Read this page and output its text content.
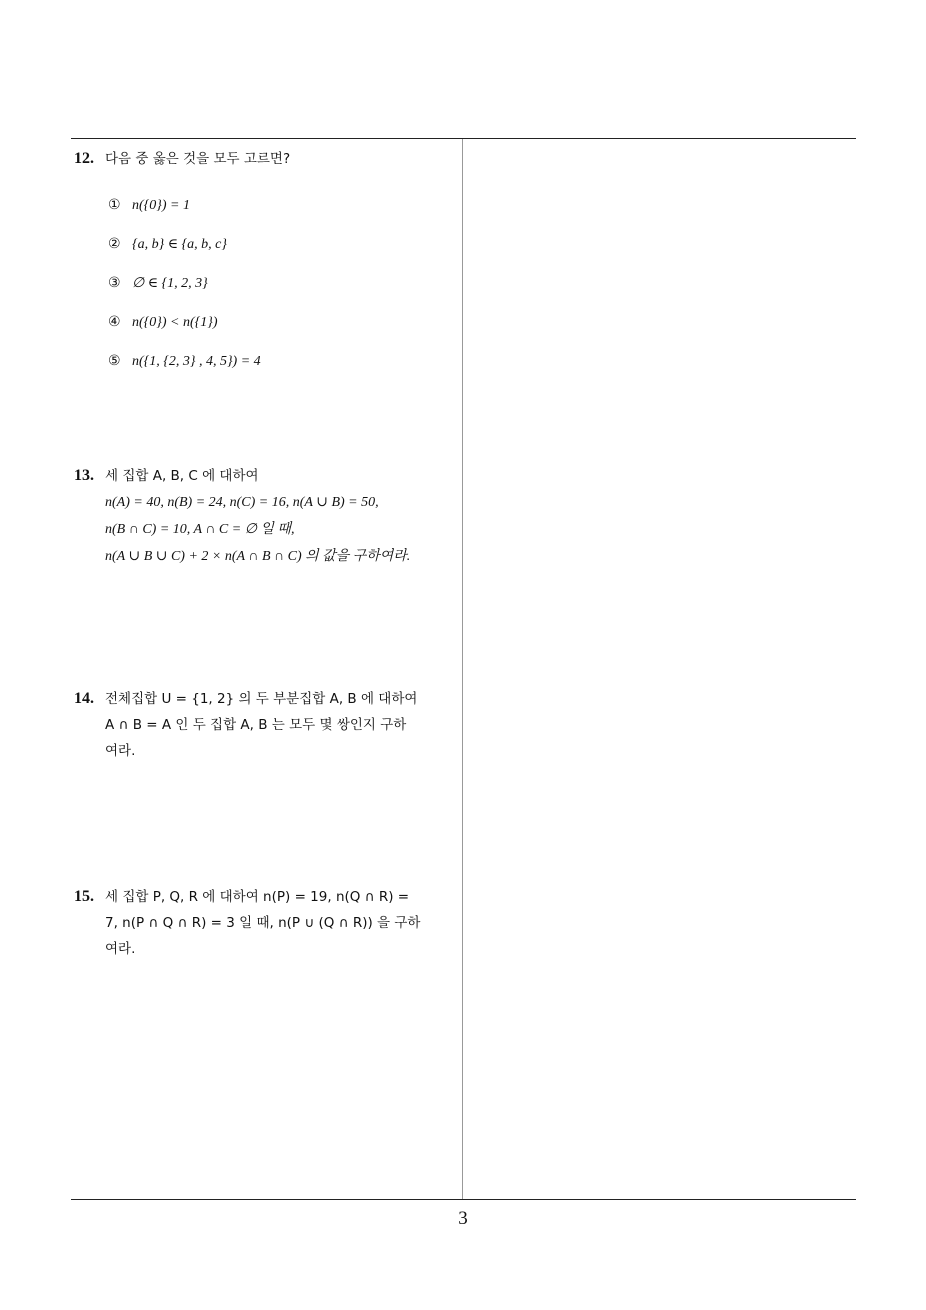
12. 다음 중 옳은 것을 모두 고르면?
① n({0}) = 1
② {a, b} ∈ {a, b, c}
③ ∅ ∈ {1, 2, 3}
④ n({0}) < n({1})
⑤ n({1, {2, 3} , 4, 5}) = 4
13. 세 집합 A, B, C 에 대하여
n(A) = 40, n(B) = 24, n(C) = 16, n(A ∪ B) = 50,
n(B ∩ C) = 10, A ∩ C = ∅ 일 때,
n(A ∪ B ∪ C) + 2 × n(A ∩ B ∩ C) 의 값을 구하여라.
14. 전체집합 U = {1, 2} 의 두 부분집합 A, B 에 대하여
A ∩ B = A 인 두 집합 A, B 는 모두 몇 쌍인지 구하
여라.
15. 세 집합 P, Q, R 에 대하여 n(P) = 19, n(Q ∩ R) =
7, n(P ∩ Q ∩ R) = 3 일 때, n(P ∪ (Q ∩ R)) 을 구하
여라.
3
